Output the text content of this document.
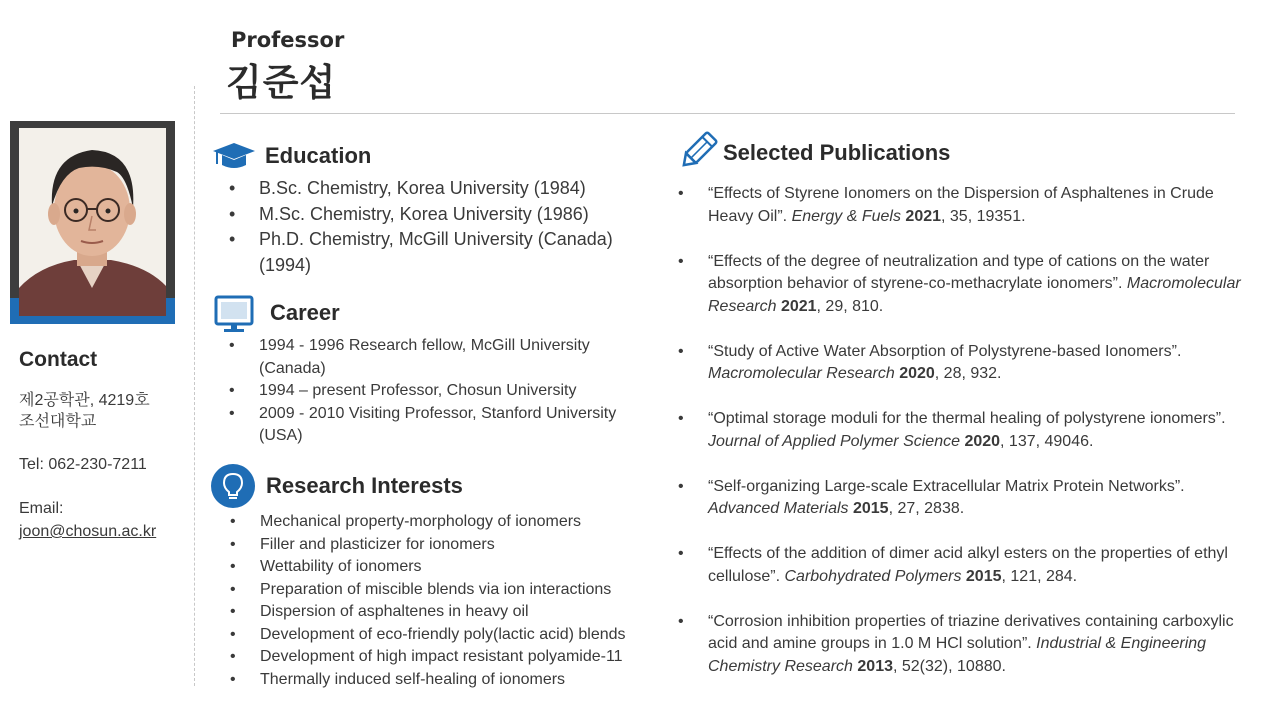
Professor
김준섭
Contact
제2공학관, 4219호
조선대학교
Tel: 062-230-7211
Email:
joon@chosun.ac.kr
Education
• B.Sc. Chemistry, Korea University (1984)
• M.Sc. Chemistry, Korea University (1986)
• Ph.D. Chemistry, McGill University (Canada) (1994)
Career
• 1994 - 1996 Research fellow, McGill University (Canada)
• 1994 – present Professor, Chosun University
• 2009 - 2010 Visiting Professor, Stanford University (USA)
Research Interests
• Mechanical property-morphology of ionomers
• Filler and plasticizer for ionomers
• Wettability of ionomers
• Preparation of miscible blends via ion interactions
• Dispersion of asphaltenes in heavy oil
• Development of eco-friendly poly(lactic acid) blends
• Development of high impact resistant polyamide-11
• Thermally induced self-healing of ionomers
Selected Publications
• “Effects of Styrene Ionomers on the Dispersion of Asphaltenes in Crude Heavy Oil”. Energy & Fuels 2021, 35, 19351.
• “Effects of the degree of neutralization and type of cations on the water absorption behavior of styrene-co-methacrylate ionomers”. Macromolecular Research 2021, 29, 810.
• “Study of Active Water Absorption of Polystyrene-based Ionomers”. Macromolecular Research 2020, 28, 932.
• “Optimal storage moduli for the thermal healing of polystyrene ionomers”. Journal of Applied Polymer Science 2020, 137, 49046.
• “Self-organizing Large-scale Extracellular Matrix Protein Networks”. Advanced Materials 2015, 27, 2838.
• “Effects of the addition of dimer acid alkyl esters on the properties of ethyl cellulose”. Carbohydrated Polymers 2015, 121, 284.
• “Corrosion inhibition properties of triazine derivatives containing carboxylic acid and amine groups in 1.0 M HCl solution”. Industrial & Engineering Chemistry Research 2013, 52(32), 10880.
